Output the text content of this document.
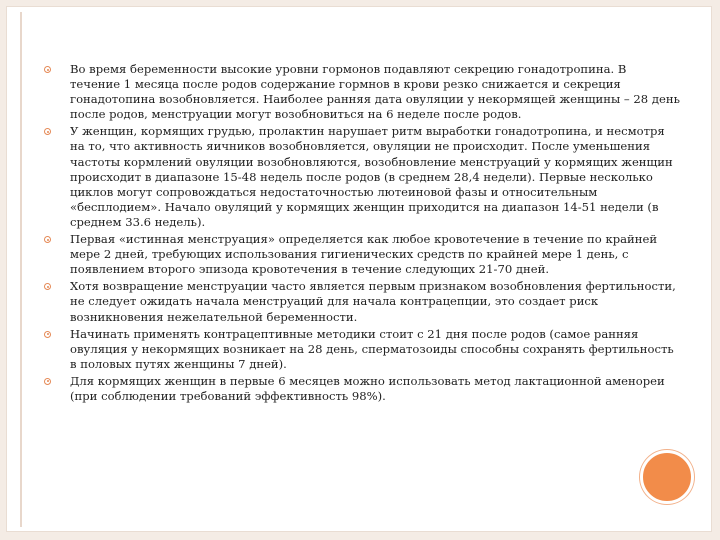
Во время беременности высокие уровни гормонов подавляют секрецию гонадотропина. В течение 1 месяца после родов содержание гормнов в крови резко снижается и секреция гонадотопина возобновляется. Наиболее ранняя дата овуляции у некормящей женщины – 28 день после родов, менструации могут возобновиться на 6 неделе после родов.
У женщин, кормящих грудью, пролактин нарушает ритм выработки гонадотропина, и несмотря на то, что активность яичников возобновляется, овуляции не происходит. После уменьшения частоты кормлений овуляции возобновляются, возобновление менструаций у кормящих женщин происходит в диапазоне 15-48 недель после родов (в среднем 28,4 недели). Первые несколько циклов могут сопровождаться недостаточностью лютеиновой фазы и относительным «бесплодием». Начало овуляций у кормящих женщин приходится на диапазон 14-51 недели (в среднем 33.6 недель).
Первая «истинная менструация» определяется как любое кровотечение в течение по крайней мере 2 дней, требующих использования гигиенических средств по крайней мере 1 день, с появлением второго эпизода кровотечения в течение следующих 21-70 дней.
Хотя возвращение менструации часто является первым признаком возобновления фертильности, не следует ожидать начала менструаций для начала контрацепции, это создает риск возникновения нежелательной беременности.
Начинать применять контрацептивные методики стоит с 21 дня после родов (самое ранняя овуляция у некормящих возникает на 28 день, сперматозоиды способны сохранять фертильность в половых путях женщины 7 дней).
Для кормящих женщин в первые 6 месяцев можно использовать метод лактационной аменореи (при соблюдении требований эффективность 98%).
